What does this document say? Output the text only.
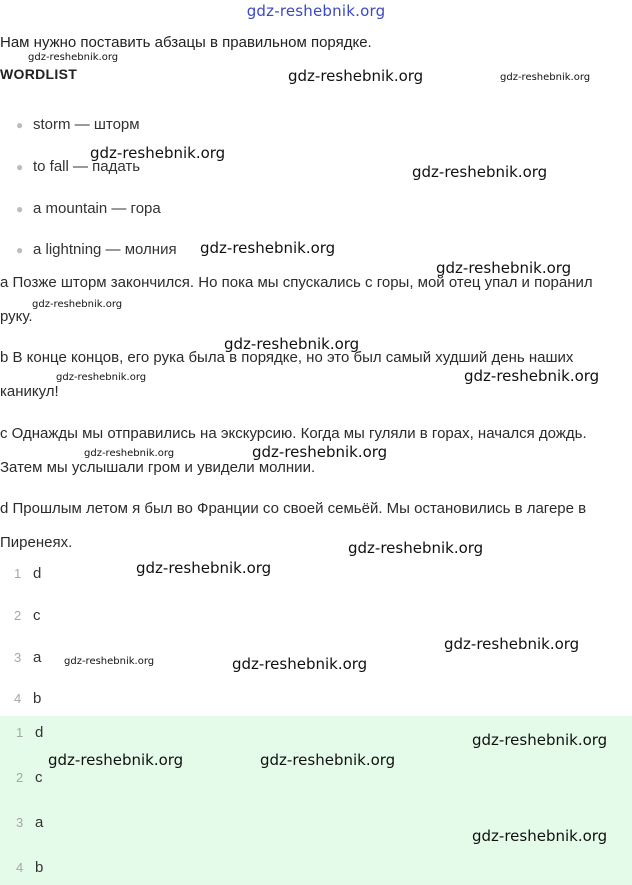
gdz-reshebnik.org
Нам нужно поставить абзацы в правильном порядке.
WORDLIST
● storm — шторм
● to fall — падать
● a mountain — гора
● a lightning — молния
a Позже шторм закончился. Но пока мы спускались с горы, мой отец упал и поранил руку.
b В конце концов, его рука была в порядке, но это был самый худший день наших каникул!
c Однажды мы отправились на экскурсию. Когда мы гуляли в горах, начался дождь. Затем мы услышали гром и увидели молнии.
d Прошлым летом я был во Франции со своей семьёй. Мы остановились в лагере в Пиренеях.
1 d
2 c
3 a
4 b
1 d
2 c
3 a
4 b
gdz-reshebnik.org
gdz-reshebnik.org	gdz-reshebnik.org
gdz-reshebnik.org
gdz-reshebnik.org
gdz-reshebnik.org
gdz-reshebnik.org
gdz-reshebnik.org
gdz-reshebnik.org
gdz-reshebnik.org	gdz-reshebnik.org
gdz-reshebnik.org	gdz-reshebnik.org
gdz-reshebnik.org
gdz-reshebnik.org
gdz-reshebnik.org
gdz-reshebnik.org	gdz-reshebnik.org
gdz-reshebnik.org
gdz-reshebnik.org	gdz-reshebnik.org
gdz-reshebnik.org
